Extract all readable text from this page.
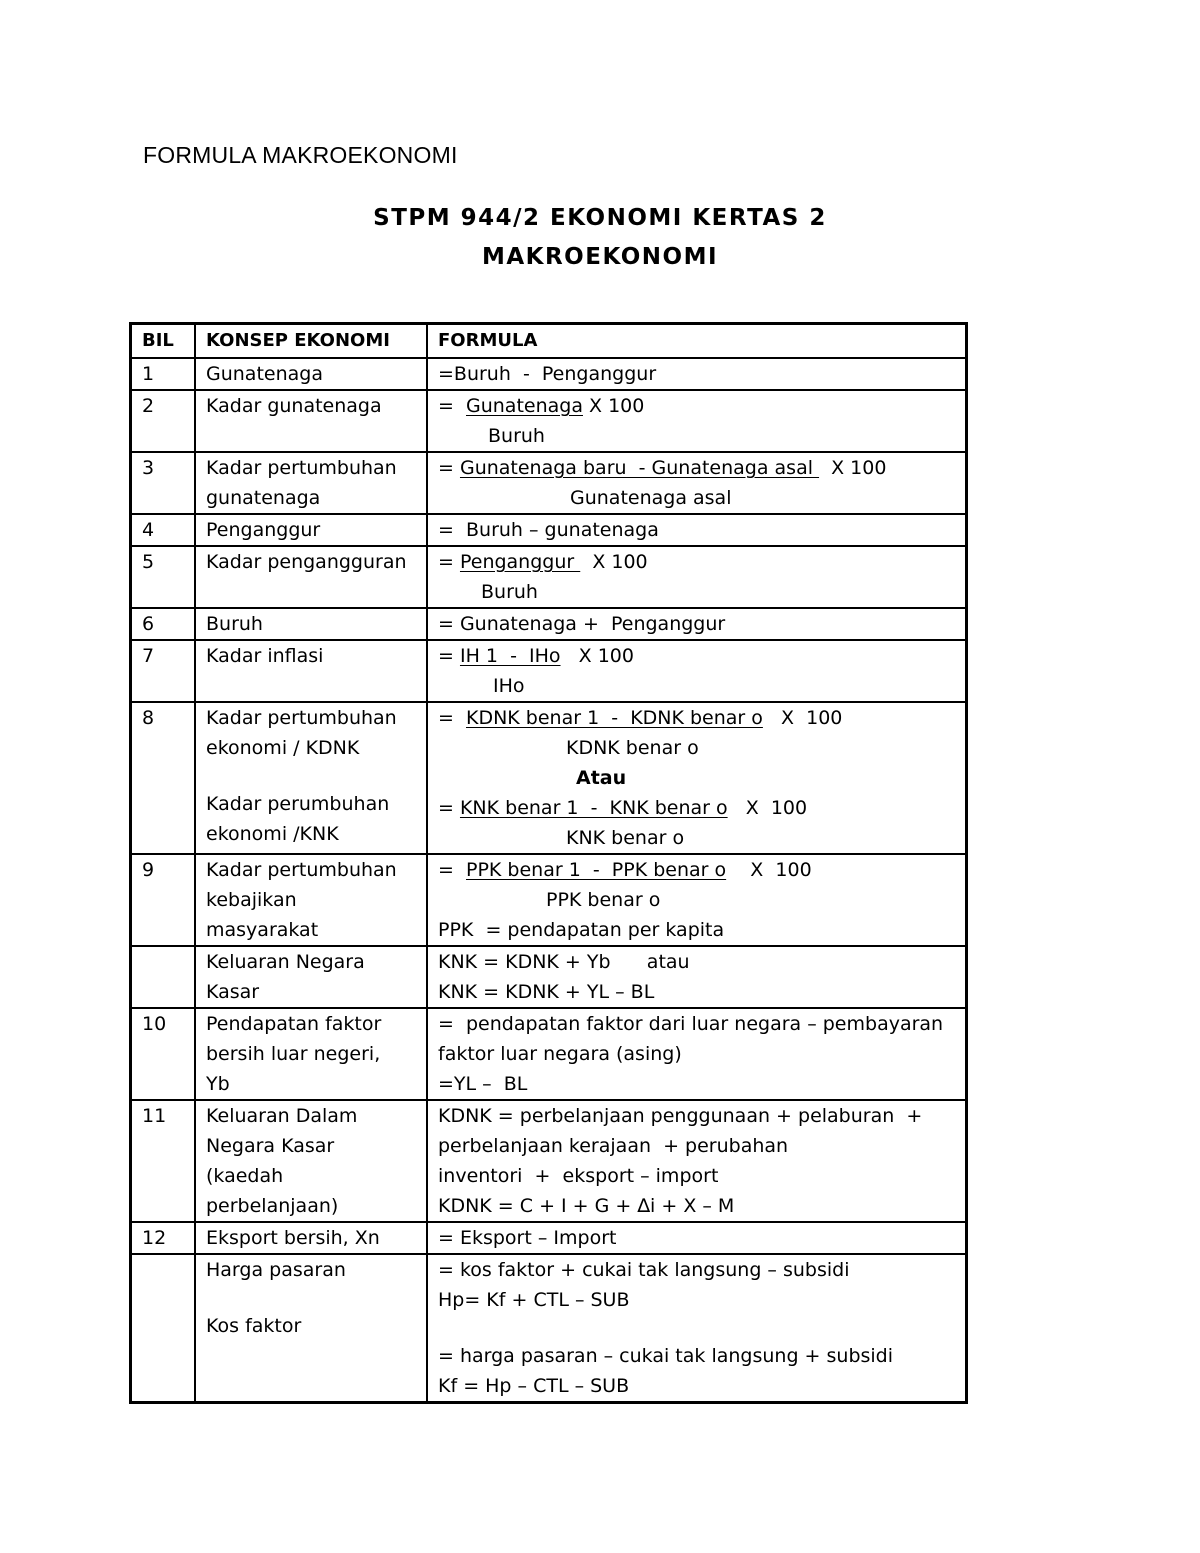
FORMULA MAKROEKONOMI
STPM 944/2 EKONOMI KERTAS 2
MAKROEKONOMI
BIL	KONSEP EKONOMI	FORMULA
1	Gunatenaga	=Buruh  -  Penganggur

2	Kadar gunatenaga	=  Gunatenaga X 100
Buruh

3	Kadar pertumbuhan
gunatenaga	= Gunatenaga baru  - Gunatenaga asal   X 100
Gunatenaga asal

4	Penganggur	=  Buruh – gunatenaga

5	Kadar pengangguran	= Penganggur   X 100
Buruh

6	Buruh	= Gunatenaga +  Penganggur

7	Kadar inflasi	= IH 1  -  IHo   X 100
IHo

8	Kadar pertumbuhan
ekonomi / KDNK
Kadar perumbuhan
ekonomi /KNK	=  KDNK benar 1  -  KDNK benar o   X  100
KDNK benar o
Atau
= KNK benar 1  -  KNK benar o   X  100
KNK benar o

9	Kadar pertumbuhan
kebajikan
masyarakat	=  PPK benar 1  -  PPK benar o    X  100
PPK benar o
PPK  = pendapatan per kapita

	Keluaran Negara
Kasar	KNK = KDNK + Yb      atau
KNK = KDNK + YL – BL

10	Pendapatan faktor
bersih luar negeri,
Yb	=  pendapatan faktor dari luar negara – pembayaran
faktor luar negara (asing)
=YL –  BL

11	Keluaran Dalam
Negara Kasar
(kaedah
perbelanjaan)	KDNK = perbelanjaan penggunaan + pelaburan  +
perbelanjaan kerajaan  + perubahan
inventori  +  eksport – import
KDNK = C + I + G + ∆i + X – M

12	Eksport bersih, Xn	= Eksport – Import

	Harga pasaran
Kos faktor	= kos faktor + cukai tak langsung – subsidi
Hp= Kf + CTL – SUB
= harga pasaran – cukai tak langsung + subsidi
Kf = Hp – CTL – SUB
